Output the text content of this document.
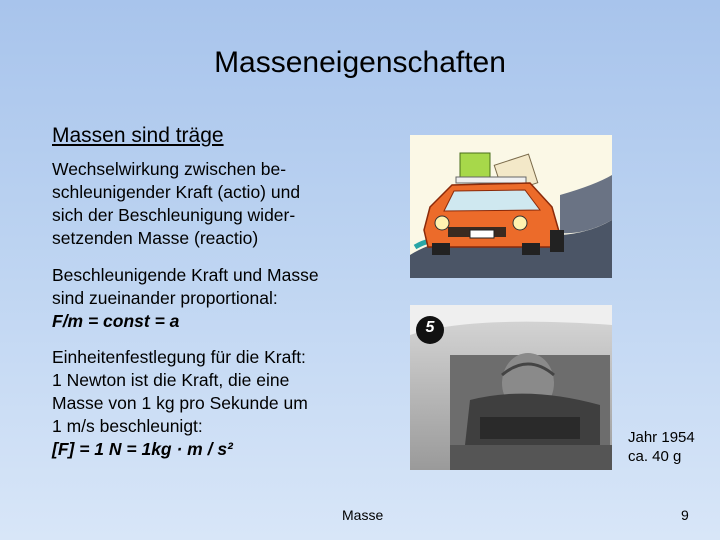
Masseneigenschaften
Massen sind träge
Wechselwirkung zwischen be-
schleunigender Kraft (actio) und
sich der Beschleunigung wider-
setzenden Masse (reactio)
Beschleunigende Kraft und Masse
sind zueinander proportional:
F/m = const = a
Einheitenfestlegung für die Kraft:
1 Newton ist die Kraft, die eine
Masse von 1 kg pro Sekunde um
1 m/s beschleunigt:
[F] = 1 N = 1kg · m / s²
5
Jahr 1954
ca. 40 g
Masse	9
